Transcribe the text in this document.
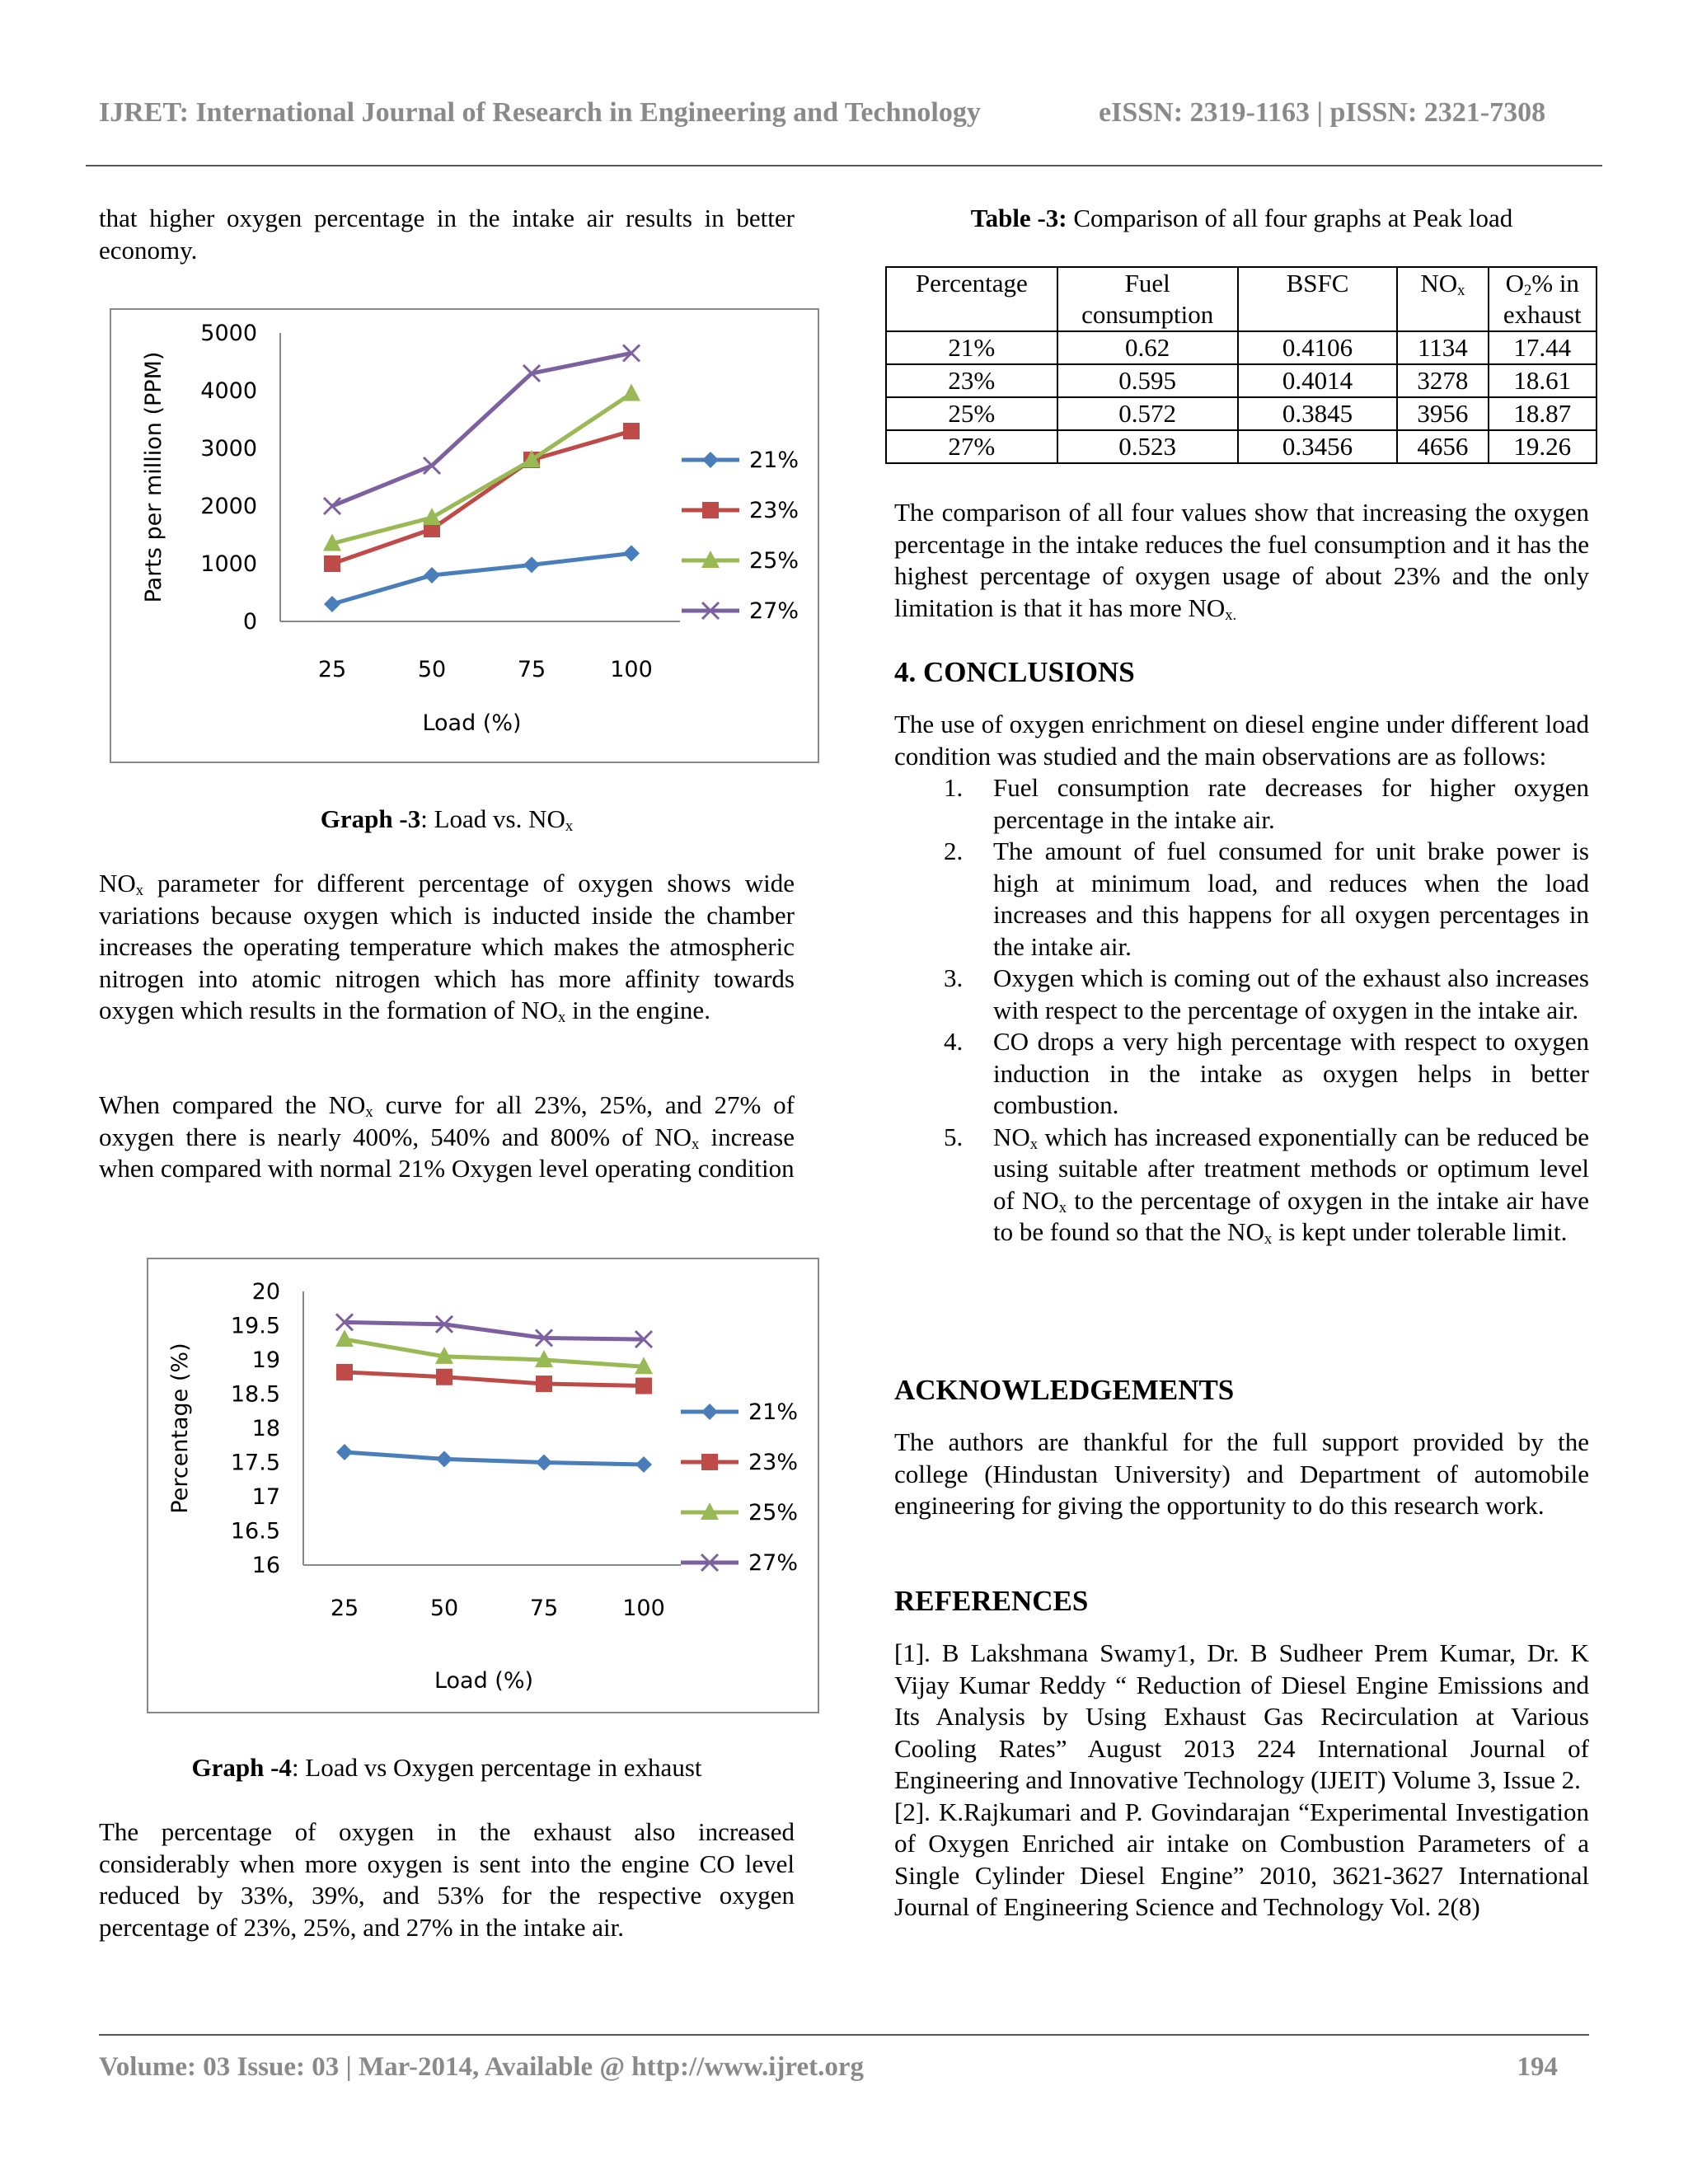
IJRET: International Journal of Research in Engineering and Technology	eISSN: 2319-1163 | pISSN: 2321-7308

that higher oxygen percentage in the intake air results in better economy.

0
1000
2000
3000
4000
5000
25	50	75	100
Load (%)
Parts per million (PPM)	21%
23%
25%
27%
Graph -3: Load vs. $NO_x$

$NO_x$ parameter for different percentage of oxygen shows wide variations because oxygen which is inducted inside the chamber increases the operating temperature which makes the atmospheric nitrogen into atomic nitrogen which has more affinity towards oxygen which results in the formation of $NO_x$ in the engine.

When compared the $NO_x$ curve for all 23%, 25%, and 27% of oxygen there is nearly 400%, 540% and 800% of $NO_x$ increase when compared with normal 21% Oxygen level operating condition

16
16.5
17
17.5
18
18.5
19
19.5
20
25	50	75	100
Load (%)
Percentage (%)	21%
23%
25%
27%
Graph -4: Load vs Oxygen percentage in exhaust

The percentage of oxygen in the exhaust also increased considerably when more oxygen is sent into the engine CO level reduced by 33%, 39%, and 53% for the respective oxygen percentage of 23%, 25%, and 27% in the intake air.

Table -3: Comparison of all four graphs at Peak load
Percentage	Fuel consumption	BSFC	$NO_x$	$O_2\%$ in exhaust
21%	0.62	0.4106	1134	17.44
23%	0.595	0.4014	3278	18.61
25%	0.572	0.3845	3956	18.87
27%	0.523	0.3456	4656	19.26

The comparison of all four values show that increasing the oxygen percentage in the intake reduces the fuel consumption and it has the highest percentage of oxygen usage of about 23% and the only limitation is that it has more $NO_{x.}$

4. CONCLUSIONS

The use of oxygen enrichment on diesel engine under different load condition was studied and the main observations are as follows:

1. Fuel consumption rate decreases for higher oxygen percentage in the intake air.
2. The amount of fuel consumed for unit brake power is high at minimum load, and reduces when the load increases and this happens for all oxygen percentages in the intake air.
3. Oxygen which is coming out of the exhaust also increases with respect to the percentage of oxygen in the intake air.
4. CO drops a very high percentage with respect to oxygen induction in the intake as oxygen helps in better combustion.
5. $NO_x$ which has increased exponentially can be reduced be using suitable after treatment methods or optimum level of $NO_x$ to the percentage of oxygen in the intake air have to be found so that the $NO_x$ is kept under tolerable limit.
ACKNOWLEDGEMENTS

The authors are thankful for the full support provided by the college (Hindustan University) and Department of automobile engineering for giving the opportunity to do this research work.

REFERENCES

[1]. B Lakshmana Swamy1, Dr. B Sudheer Prem Kumar, Dr. K Vijay Kumar Reddy “ Reduction of Diesel Engine Emissions and Its Analysis by Using Exhaust Gas Recirculation at Various Cooling Rates” August 2013 224 International Journal of Engineering and Innovative Technology (IJEIT) Volume 3, Issue 2.

[2]. K.Rajkumari and P. Govindarajan “Experimental Investigation of Oxygen Enriched air intake on Combustion Parameters of a Single Cylinder Diesel Engine” 2010, 3621-3627 International Journal of Engineering Science and Technology Vol. 2(8)

Volume: 03 Issue: 03 | Mar-2014, Available @ http://www.ijret.org	194
